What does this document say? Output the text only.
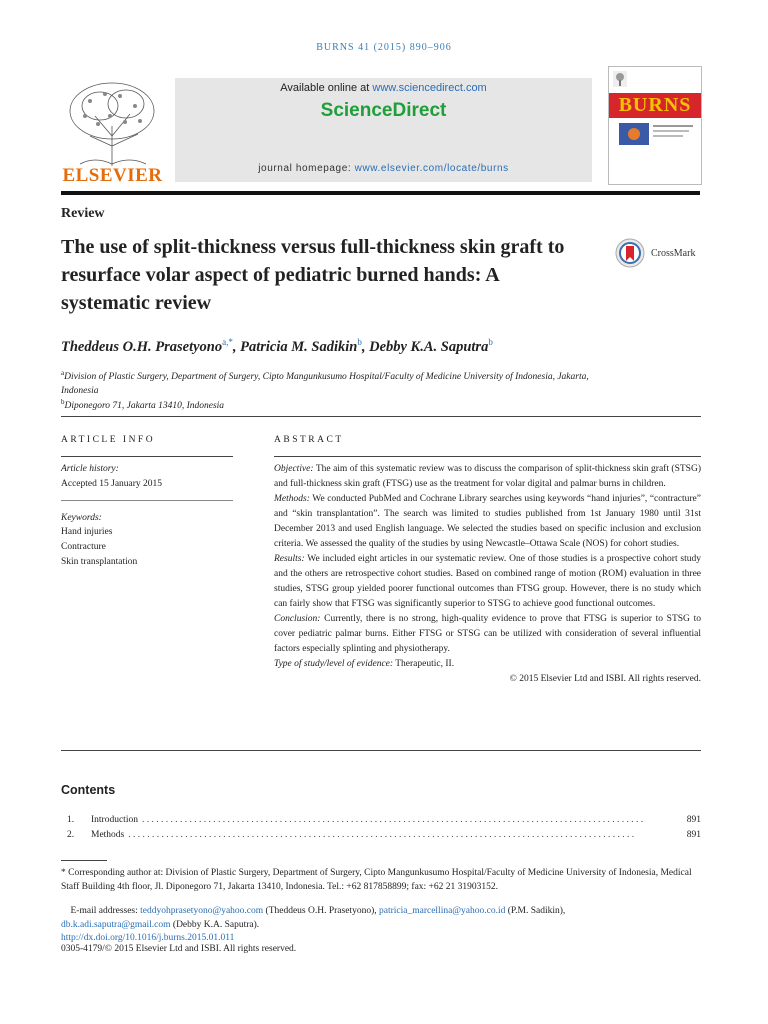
BURNS 41 (2015) 890–906
ELSEVIER
Available online at www.sciencedirect.com
ScienceDirect
journal homepage: www.elsevier.com/locate/burns
BURNS
Review
The use of split-thickness versus full-thickness skin graft to resurface volar aspect of pediatric burned hands: A systematic review
CrossMark
Theddeus O.H. Prasetyono$^{a,*}$, Patricia M. Sadikin$^b$, Debby K.A. Saputra$^b$
$^a$Division of Plastic Surgery, Department of Surgery, Cipto Mangunkusumo Hospital/Faculty of Medicine University of Indonesia, Jakarta, Indonesia
$^b$Diponegoro 71, Jakarta 13410, Indonesia
ARTICLE INFO
Article history:
Accepted 15 January 2015
Keywords:
Hand injuries
Contracture
Skin transplantation
ABSTRACT

Objective: The aim of this systematic review was to discuss the comparison of split-thickness skin graft (STSG) and full-thickness skin graft (FTSG) use as the treatment for volar digital and palmar burns in children.

Methods: We conducted PubMed and Cochrane Library searches using keywords “hand injuries”, “contracture” and “skin transplantation”. The search was limited to studies published from 1st January 1980 until 31st December 2013 and used English language. We selected the studies based on specific inclusion and exclusion criteria. We assessed the quality of the studies by using Newcastle–Ottawa Scale (NOS) for cohort studies.

Results: We included eight articles in our systematic review. One of those studies is a prospective cohort study and the others are retrospective cohort studies. Based on combined range of motion (ROM) evaluation in three studies, STSG group yielded poorer functional outcomes than FTSG group. However, there is no study which can fairly show that FTSG was significantly superior to STSG to achieve good functional outcomes.

Conclusion: Currently, there is no strong, high-quality evidence to prove that FTSG is superior to STSG to cover pediatric palmar burns. Either FTSG or STSG can be utilized with consideration of several influential factors especially splinting and physiotherapy.

Type of study/level of evidence: Therapeutic, II.

© 2015 Elsevier Ltd and ISBI. All rights reserved.

Contents
1.	Introduction . . . . . . . . . . . . . . . . . . . . . . . . . . . . . . . . . . . . . . . . . . . . . . . . . . . . . . . . . . . . . . . . . . . . . . . . . . . . . . . . . . . . . . . . . . . . . . . . . . . . . . . . . .	891
2.	Methods . . . . . . . . . . . . . . . . . . . . . . . . . . . . . . . . . . . . . . . . . . . . . . . . . . . . . . . . . . . . . . . . . . . . . . . . . . . . . . . . . . . . . . . . . . . . . . . . . . . . . . . . . . .	891
* Corresponding author at: Division of Plastic Surgery, Department of Surgery, Cipto Mangunkusumo Hospital/Faculty of Medicine University of Indonesia, Medical Staff Building 4th floor, Jl. Diponegoro 71, Jakarta 13410, Indonesia. Tel.: +62 817858899; fax: +62 21 31903152.
E-mail addresses: teddyohprasetyono@yahoo.com (Theddeus O.H. Prasetyono), patricia_marcellina@yahoo.co.id (P.M. Sadikin),
db.k.adi.saputra@gmail.com (Debby K.A. Saputra).
http://dx.doi.org/10.1016/j.burns.2015.01.011
0305-4179/© 2015 Elsevier Ltd and ISBI. All rights reserved.
